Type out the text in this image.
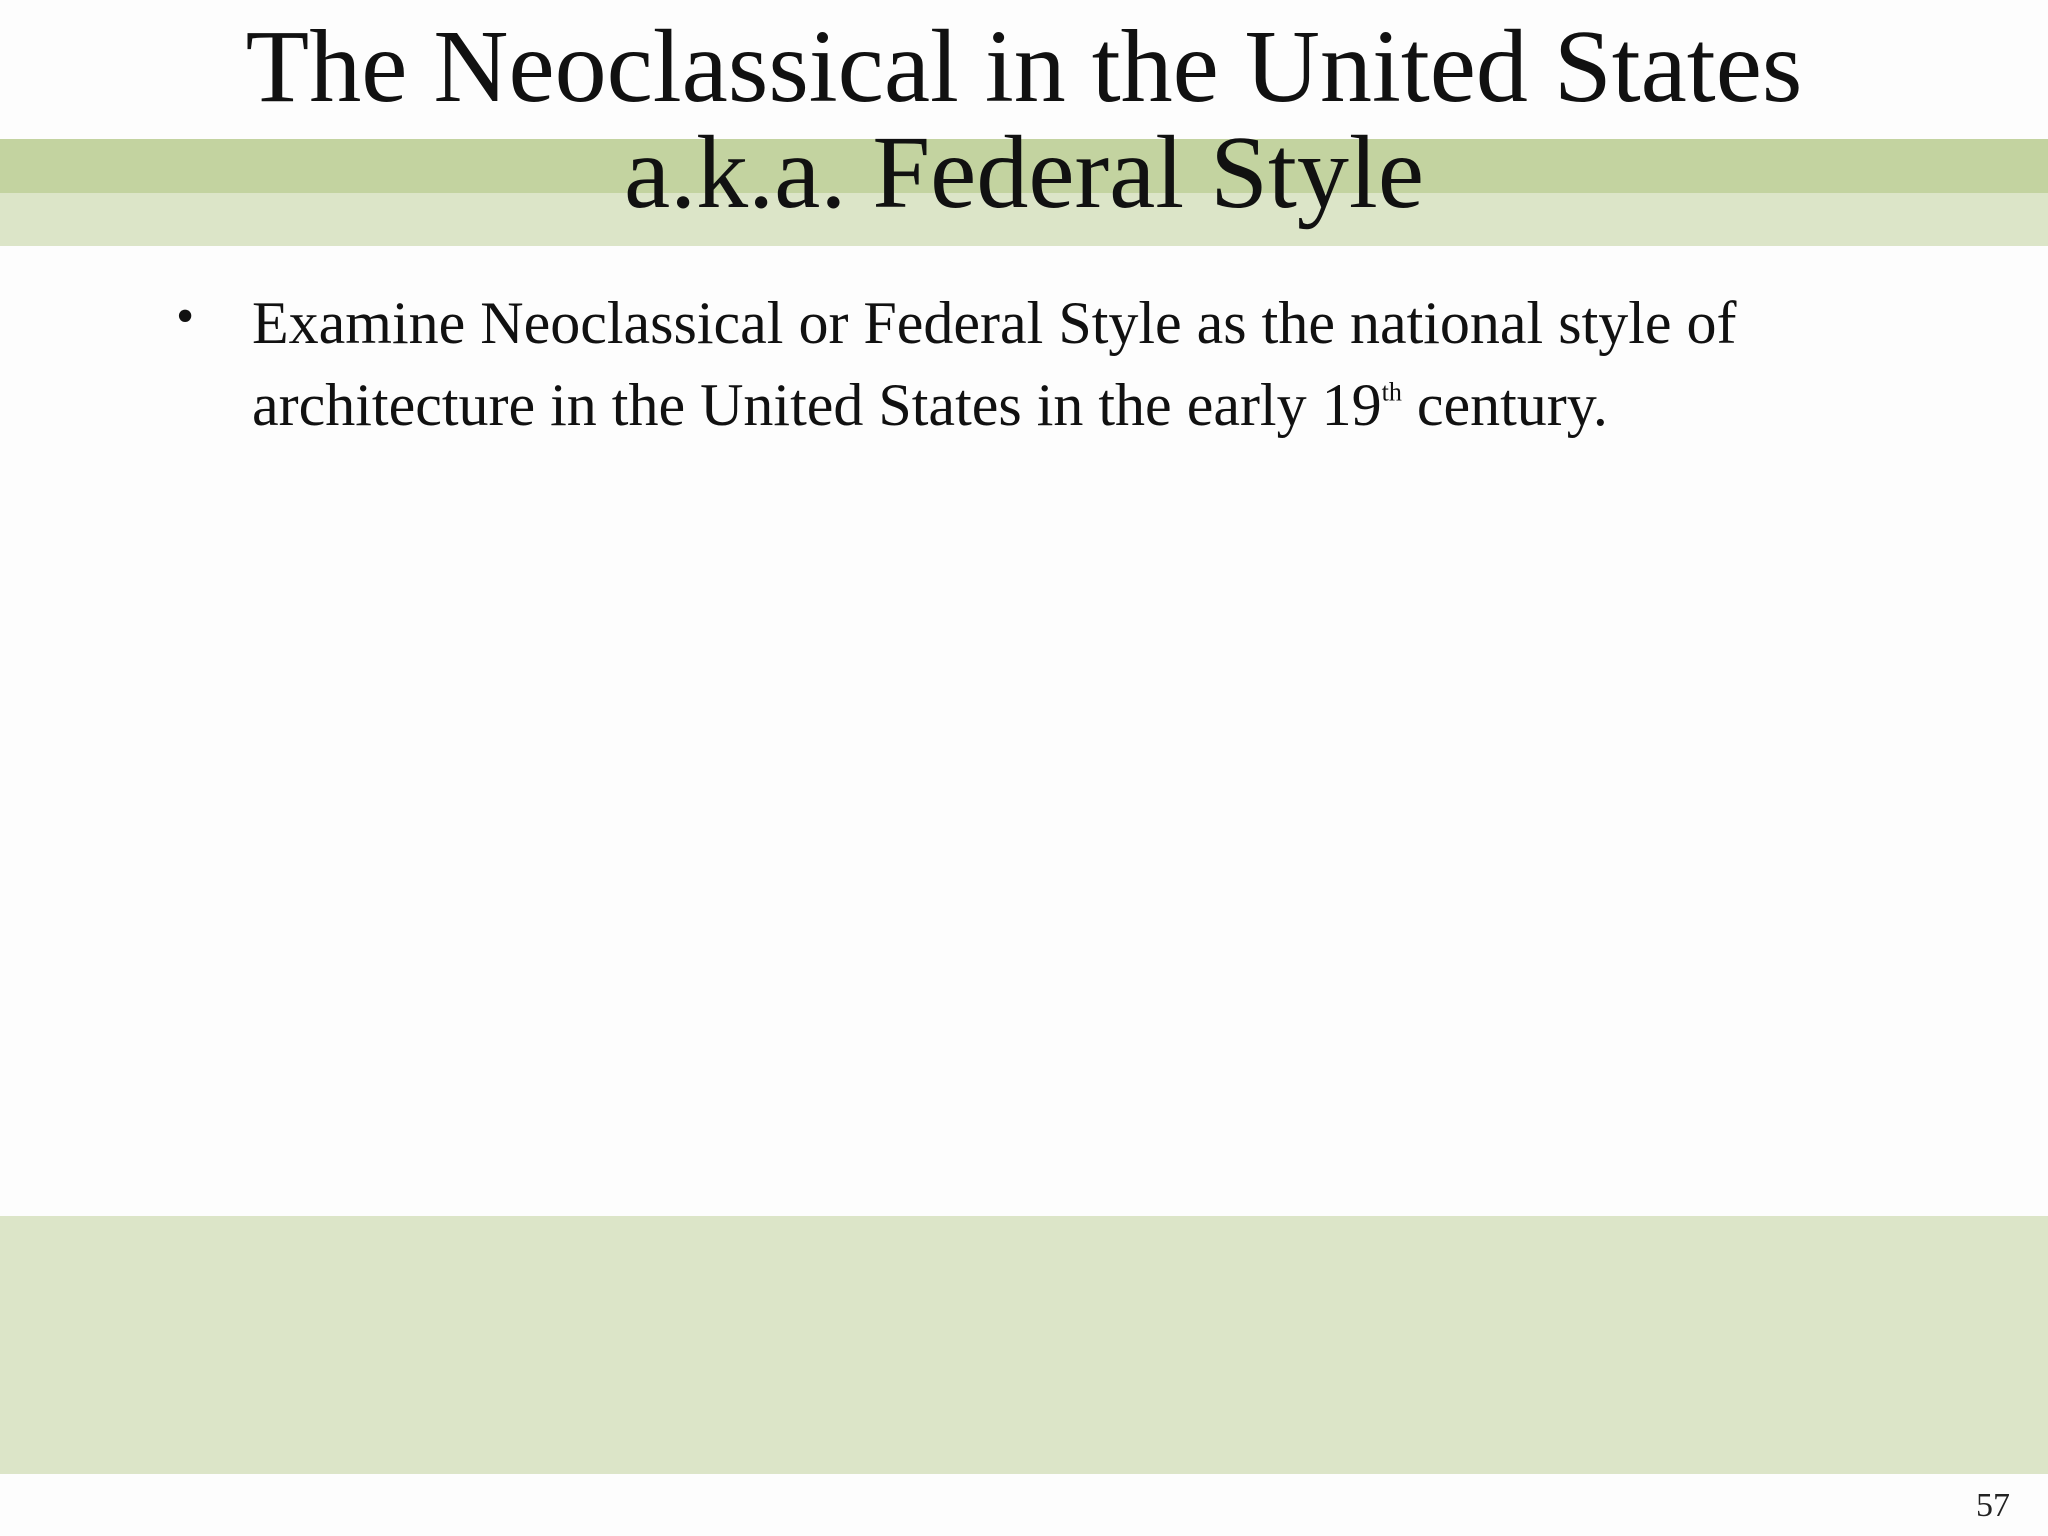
The Neoclassical in the United States
a.k.a. Federal Style
• Examine Neoclassical or Federal Style as the national style of architecture in the United States in the early 19th century.
57
